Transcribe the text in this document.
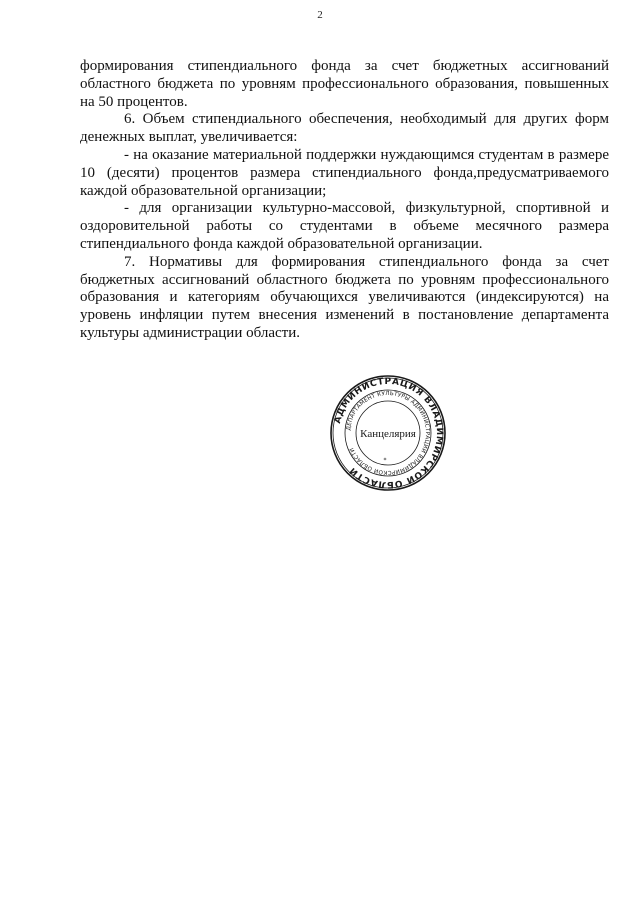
2

формирования стипендиального фонда за счет бюджетных ассигнований областного бюджета по уровням профессионального образования, повышенных на 50 процентов.

6. Объем стипендиального обеспечения, необходимый для других форм денежных выплат, увеличивается:

- на оказание материальной поддержки нуждающимся студентам в размере 10 (десяти) процентов размера стипендиального фонда,предусматриваемого каждой образовательной организации;

- для организации культурно-массовой, физкультурной, спортивной и оздоровительной работы со студентами в объеме месячного размера стипендиального фонда каждой образовательной организации.

7. Нормативы для формирования стипендиального фонда за счет бюджетных ассигнований областного бюджета по уровням профессионального образования и категориям обучающихся увеличиваются (индексируются) на уровень инфляции путем внесения изменений в постановление департамента культуры администрации области.

АДМИНИСТРАЦИЯ ВЛАДИМИРСКОЙ ОБЛАСТИ
ДЕПАРТАМЕНТ КУЛЬТУРЫ АДМИНИСТРАЦИИ ВЛАДИМИРСКОЙ ОБЛАСТИ
Канцелярия
*
